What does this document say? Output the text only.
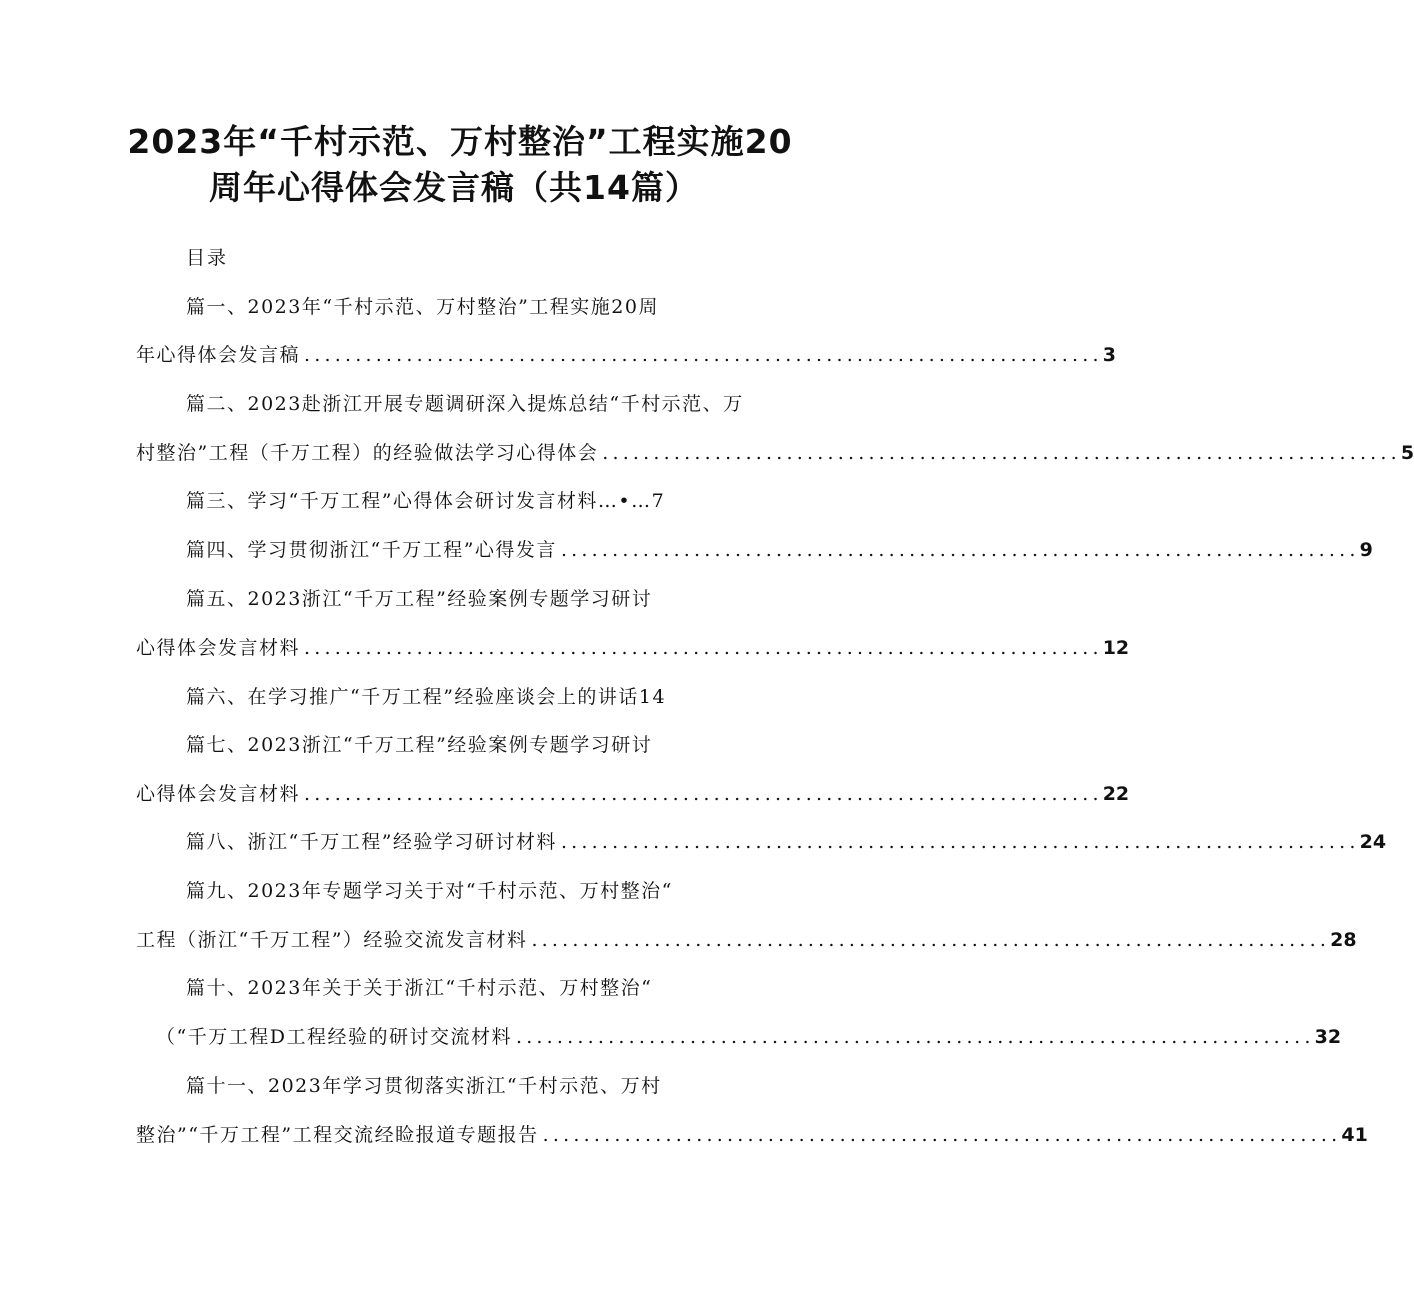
2023年“千村示范、万村整治”工程实施20
周年心得体会发言稿（共14篇）
目录
篇一、2023年“千村示范、万村整治”工程实施20周
年心得体会发言稿 .............................................................................. 3
篇二、2023赴浙江开展专题调研深入提炼总结“千村示范、万
村整治”工程（千万工程）的经验做法学习心得体会 .............................................................................. 5
篇三、学习“千万工程”心得体会研讨发言材料…•…7
篇四、学习贯彻浙江“千万工程”心得发言 .............................................................................. 9
篇五、2023浙江“千万工程”经验案例专题学习研讨
心得体会发言材料 .............................................................................. 12
篇六、在学习推广“千万工程”经验座谈会上的讲话14
篇七、2023浙江“千万工程”经验案例专题学习研讨
心得体会发言材料 .............................................................................. 22
篇八、浙江“千万工程”经验学习研讨材料 .............................................................................. 24
篇九、2023年专题学习关于对“千村示范、万村整治“
工程（浙江“千万工程”）经验交流发言材料 .............................................................................. 28
篇十、2023年关于关于浙江“千村示范、万村整治“
（“千万工程D工程经验的研讨交流材料 .............................................................................. 32
篇十一、2023年学习贯彻落实浙江“千村示范、万村
整治”“千万工程”工程交流经睑报道专题报告 .............................................................................. 41
